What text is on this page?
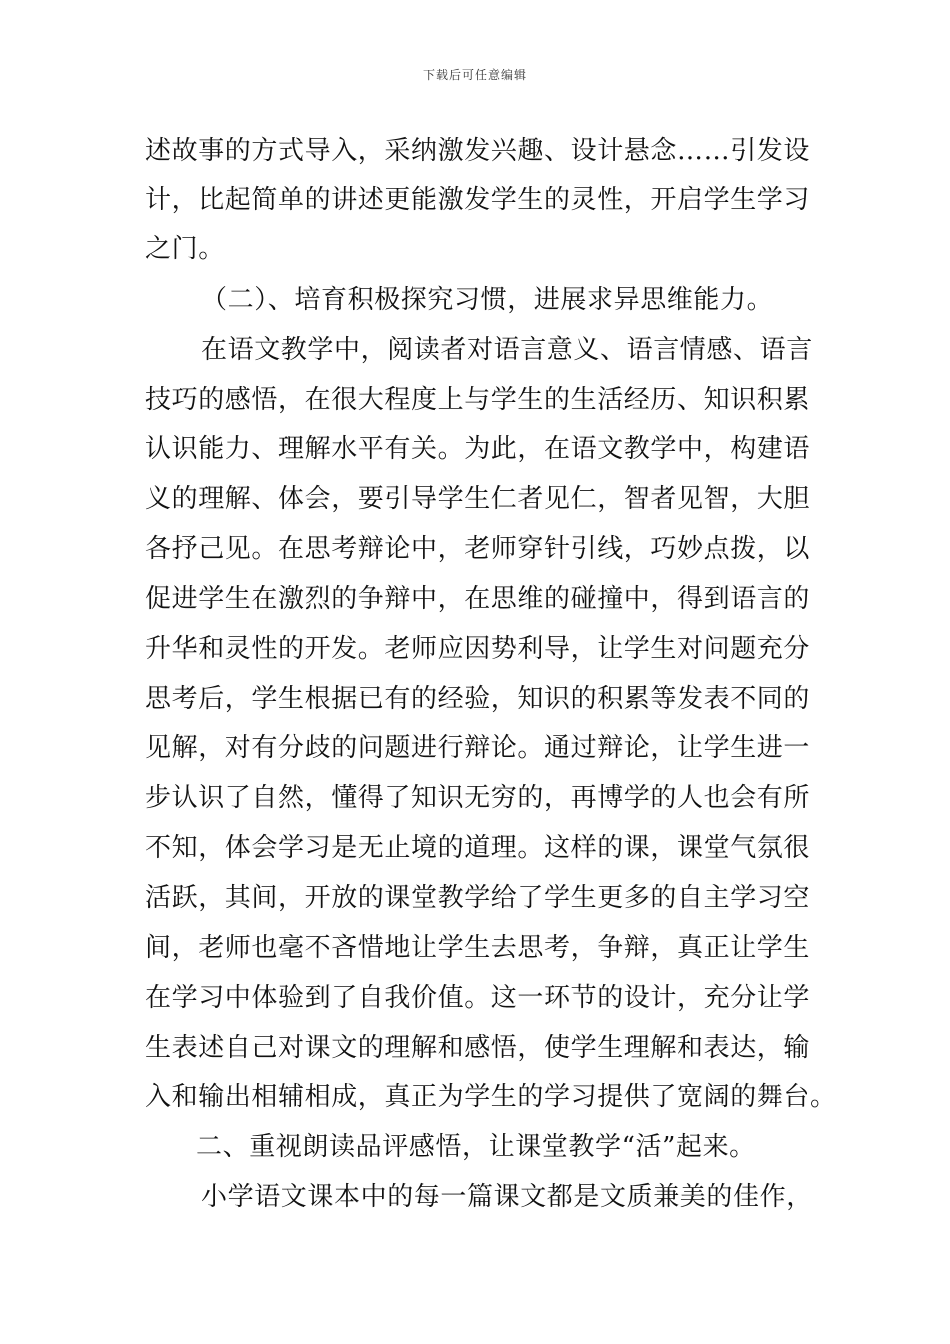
下载后可任意编辑
述故事的方式导入，采纳激发兴趣、设计悬念……引发设
计，比起简单的讲述更能激发学生的灵性，开启学生学习
之门。
（二）、培育积极探究习惯，进展求异思维能力。
在语文教学中，阅读者对语言意义、语言情感、语言
技巧的感悟，在很大程度上与学生的生活经历、知识积累
认识能力、理解水平有关。为此，在语文教学中，构建语
义的理解、体会，要引导学生仁者见仁，智者见智，大胆
各抒己见。在思考辩论中，老师穿针引线，巧妙点拨，以
促进学生在激烈的争辩中，在思维的碰撞中，得到语言的
升华和灵性的开发。老师应因势利导，让学生对问题充分
思考后，学生根据已有的经验，知识的积累等发表不同的
见解，对有分歧的问题进行辩论。通过辩论，让学生进一
步认识了自然，懂得了知识无穷的，再博学的人也会有所
不知，体会学习是无止境的道理。这样的课，课堂气氛很
活跃，其间，开放的课堂教学给了学生更多的自主学习空
间，老师也毫不吝惜地让学生去思考，争辩，真正让学生
在学习中体验到了自我价值。这一环节的设计，充分让学
生表述自己对课文的理解和感悟，使学生理解和表达，输
入和输出相辅相成，真正为学生的学习提供了宽阔的舞台。
二、重视朗读品评感悟，让课堂教学“活”起来。
小学语文课本中的每一篇课文都是文质兼美的佳作，
